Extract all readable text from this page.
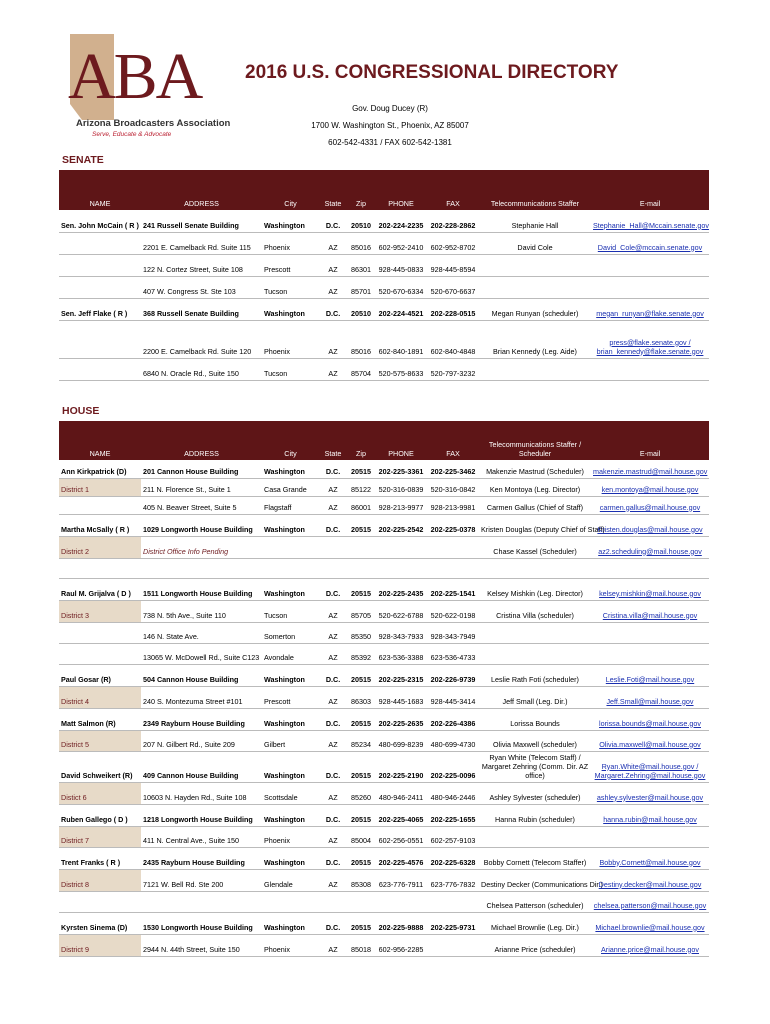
ABA
Arizona Broadcasters Association
Serve, Educate & Advocate
2016 U.S. CONGRESSIONAL DIRECTORY
Gov. Doug Ducey (R)
1700 W. Washington St., Phoenix, AZ 85007
602-542-4331 / FAX 602-542-1381
SENATE
NAME	ADDRESS	City	State	Zip	PHONE	FAX	Telecommunications Staffer	E-mail
Sen. John McCain ( R )	241 Russell Senate Building	Washington	D.C.	20510	202-224-2235	202-228-2862	Stephanie Hall	Stephanie_Hall@Mccain.senate.gov
	2201 E. Camelback Rd. Suite 115	Phoenix	AZ	85016	602-952-2410	602-952-8702	David Cole	David_Cole@mccain.senate.gov
	122 N. Cortez Street, Suite 108	Prescott	AZ	86301	928-445-0833	928-445-8594		
	407 W. Congress St. Ste 103	Tucson	AZ	85701	520-670-6334	520-670-6637		
Sen. Jeff Flake ( R )	368 Russell Senate Building	Washington	D.C.	20510	202-224-4521	202-228-0515	Megan Runyan (scheduler)	megan_runyan@flake.senate.gov
	2200 E. Camelback Rd. Suite 120	Phoenix	AZ	85016	602-840-1891	602-840-4848	Brian Kennedy (Leg. Aide)	press@flake.senate.gov / brian_kennedy@flake.senate.gov
	6840 N. Oracle Rd., Suite 150	Tucson	AZ	85704	520-575-8633	520-797-3232		
HOUSE
NAME	ADDRESS	City	State	Zip	PHONE	FAX	Telecommunications Staffer / Scheduler	E-mail
Ann Kirkpatrick (D)	201 Cannon House Building	Washington	D.C.	20515	202-225-3361	202-225-3462	Makenzie Mastrud (Scheduler)	makenzie.mastrud@mail.house.gov
District 1	211 N. Florence St., Suite 1	Casa Grande	AZ	85122	520-316-0839	520-316-0842	Ken Montoya (Leg. Director)	ken.montoya@mail.house.gov
	405 N. Beaver Street, Suite 5	Flagstaff	AZ	86001	928-213-9977	928-213-9981	Carmen Gallus (Chief of Staff)	carmen.gallus@mail.house.gov
Martha McSally ( R )	1029 Longworth House Building	Washington	D.C.	20515	202-225-2542	202-225-0378	Kristen Douglas (Deputy Chief of Staff)	Kristen.douglas@mail.house.gov
District 2	District Office Info Pending						Chase Kassel (Scheduler)	az2.scheduling@mail.house.gov

Raul M. Grijalva ( D )	1511 Longworth House Building	Washington	D.C.	20515	202-225-2435	202-225-1541	Kelsey Mishkin (Leg. Director)	kelsey.mishkin@mail.house.gov
District 3	738 N. 5th Ave., Suite 110	Tucson	AZ	85705	520-622-6788	520-622-0198	Cristina Villa (scheduler)	Cristina.villa@mail.house.gov
	146 N. State Ave.	Somerton	AZ	85350	928-343-7933	928-343-7949		
	13065 W. McDowell Rd., Suite C123	Avondale	AZ	85392	623-536-3388	623-536-4733		
Paul Gosar (R)	504 Cannon House Building	Washington	D.C.	20515	202-225-2315	202-226-9739	Leslie Rath Foti (scheduler)	Leslie.Foti@mail.house.gov
District 4	240 S. Montezuma Street #101	Prescott	AZ	86303	928-445-1683	928-445-3414	Jeff Small (Leg. Dir.)	Jeff.Small@mail.house.gov
Matt Salmon (R)	2349 Rayburn House Building	Washington	D.C.	20515	202-225-2635	202-226-4386	Lorissa Bounds	lorissa.bounds@mail.house.gov
District 5	207 N. Gilbert Rd., Suite 209	Gilbert	AZ	85234	480-699-8239	480-699-4730	Olivia Maxwell (scheduler)	Olivia.maxwell@mail.house.gov
David Schweikert (R)	409 Cannon House Building	Washington	D.C.	20515	202-225-2190	202-225-0096	Ryan White (Telecom Staff) / Margaret Zehring (Comm. Dir. AZ office)	Ryan.White@mail.house.gov / Margaret.Zehring@mail.house.gov
Distict 6	10603 N. Hayden Rd., Suite 108	Scottsdale	AZ	85260	480-946-2411	480-946-2446	Ashley Sylvester (scheduler)	ashley.sylvester@mail.house.gov
Ruben Gallego ( D )	1218 Longworth House Building	Washington	D.C.	20515	202-225-4065	202-225-1655	Hanna Rubin (scheduler)	hanna.rubin@mail.house.gov
District 7	411 N. Central Ave., Suite 150	Phoenix	AZ	85004	602-256-0551	602-257-9103		
Trent Franks ( R )	2435 Rayburn House Building	Washington	D.C.	20515	202-225-4576	202-225-6328	Bobby Cornett (Telecom Staffer)	Bobby.Cornett@mail.house.gov
District 8	7121 W. Bell Rd. Ste 200	Glendale	AZ	85308	623-776-7911	623-776-7832	Destiny Decker (Communications Dir.)	Destiny.decker@mail.house.gov
							Chelsea Patterson (scheduler)	chelsea.patterson@mail.house.gov
Kyrsten Sinema (D)	1530 Longworth House Building	Washington	D.C.	20515	202-225-9888	202-225-9731	Michael Brownlie (Leg. Dir.)	Michael.brownlie@mail.house.gov
District 9	2944 N. 44th Street, Suite 150	Phoenix	AZ	85018	602-956-2285		Arianne Price (scheduler)	Arianne.price@mail.house.gov
